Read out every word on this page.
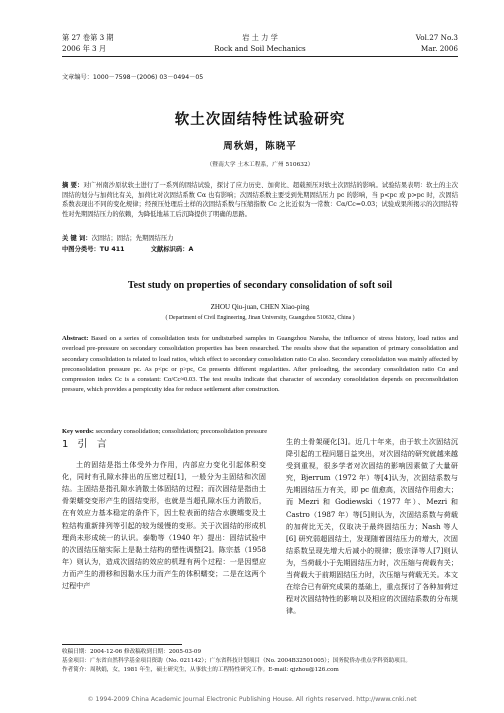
第 27 卷第 3 期	岩 土 力 学	Vol.27 No.3
2006 年 3 月	Rock and Soil Mechanics	Mar. 2006
文章编号：1000－7598－(2006) 03－0494－05
软土次固结特性试验研究
周秋娟，陈晓平
（暨南大学 土木工程系，广州 510632）
摘 要：对广州南沙原状软土进行了一系列的固结试验，探讨了应力历史、加荷比、超载预压对软土次固结的影响。试验结果表明：软土的主次固结的划分与加荷比有关，加荷比对次固结系数 Cα 也有影响；次固结系数主要受到先期固结压力 pc 的影响，当 p<pc 或 p>pc 时，次固结系数表现出不同的变化规律；经预压处理后土样的次固结系数与压缩指数 Cc 之比近似为一常数：Cα/Cc=0.03；试验成果所揭示的次固结特性对先期固结压力的依赖，为降低地基工后沉降提供了明确的思路。
关 键 词：次固结；固结；先期固结压力
中图分类号：TU 411	文献标识码：A
Test study on properties of secondary consolidation of soft soil
ZHOU Qiu-juan, CHEN Xiao-ping
( Department of Civil Engineering, Jinan University, Guangzhou 510632, China )
Abstract: Based on a series of consolidation tests for undisturbed samples in Guangzhou Nansha, the influence of stress history, load ratios and overload pre-pressure on secondary consolidation properties has been researched. The results show that the separation of primary consolidation and secondary consolidation is related to load ratios, which effect to secondary consolidation ratio Cα also. Secondary consolidation was mainly affected by preconsolidation pressure pc. As p<pc or p>pc, Cα presents different regularities. After preloading, the secondary consolidation ratio Cα and compression index Cc is a constant: Cα/Cc≈0.03. The test results indicate that character of secondary consolidation depends on preconsolidation pressure, which provides a perspicuity idea for reduce settlement after construction.
Key words: secondary consolidation; consolidation; preconsolidation pressure
1 引 言

土的固结是指土体受外力作用，内部应力变化引起体积变化，同时有孔隙水排出的压密过程[1]，一般分为主固结和次固结。主固结是指孔隙水消散土体固结的过程；而次固结是指由土骨架蠕变变形产生的固结变形，也就是当超孔隙水压力消散后，在有效应力基本稳定的条件下，因土粒表面的结合水膜蠕变及土粒结构重新排列等引起的较为缓慢的变形。关于次固结的形成机理尚未形成统一的认识。泰勒等（1940 年）提出：固结试验中的次固结压缩实际上是黏土结构的塑性调整[2]。陈宗基（1958 年）则认为，造成次固结的效应的机理有两个过程：一是因塑应力而产生的滑移和因黏水压力而产生的体积蠕变；二是在这两个过程中产

生的土骨架硬化[3]。近几十年来，由于软土次固结沉降引起的工程问题日益突出，对次固结的研究就越来越受到重视，很多学者对次固结的影响因素做了大量研究，Bjerrum（1972 年）等[4]认为，次固结系数与先期固结压力有关，即 pc 值愈高，次固结作用愈大；而 Mezri 和 Godiewski（1977 年）、Mezri 和 Castro（1987 年）等[5]则认为，次固结系数与荷载的加荷比无关，仅取决于最终固结压力；Nash 等人[6] 研究弱超固结土，发现随着固结压力的增大，次固结系数呈现先增大后减小的规律；殷宗泽等人[7]则认为，当荷载小于先期固结压力时，次压缩与荷载有关；当荷载大于前期固结压力时，次压缩与荷载无关。本文在综合已有研究成果的基础上，重点探讨了各种加荷过程对次固结特性的影响以及相应的次固结系数的分布规律。

收稿日期：2004-12-06 修改稿收到日期：2005-03-09
基金项目：广东省自然科学基金项目资助（No. 021142）；广东省科技计划项目（No. 2004B32501005）；国务院侨办重点学科资助项目。
作者简介：周秋娟，女，1981 年生，硕士研究生，从事软土的工程特性研究工作。E-mail: qjzhou@126.com
© 1994-2009 China Academic Journal Electronic Publishing House. All rights reserved. http://www.cnki.net
